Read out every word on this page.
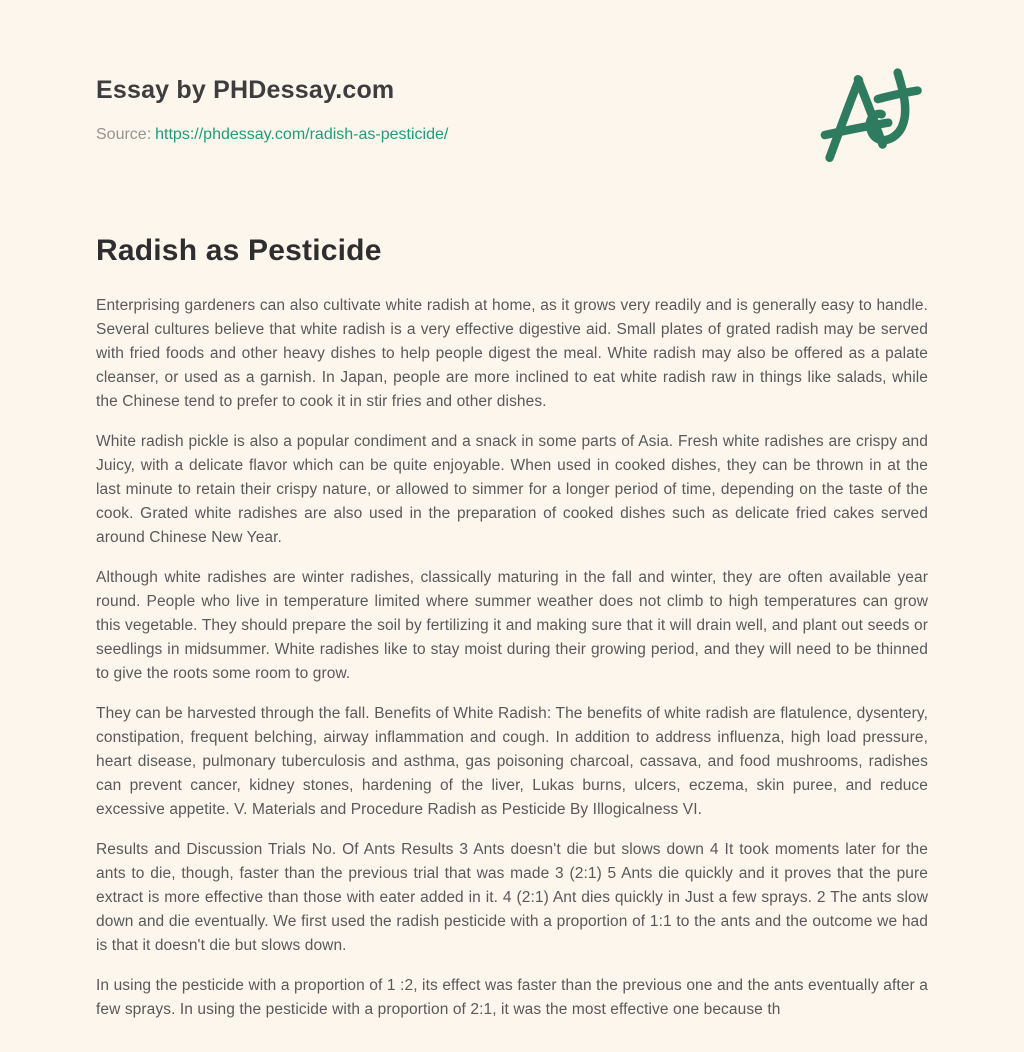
Essay by PHDessay.com
Source: https://phdessay.com/radish-as-pesticide/
Radish as Pesticide

Enterprising gardeners can also cultivate white radish at home, as it grows very readily and is generally easy to handle. Several cultures believe that white radish is a very effective digestive aid. Small plates of grated radish may be served with fried foods and other heavy dishes to help people digest the meal. White radish may also be offered as a palate cleanser, or used as a garnish. In Japan, people are more inclined to eat white radish raw in things like salads, while the Chinese tend to prefer to cook it in stir fries and other dishes.

White radish pickle is also a popular condiment and a snack in some parts of Asia. Fresh white radishes are crispy and Juicy, with a delicate flavor which can be quite enjoyable. When used in cooked dishes, they can be thrown in at the last minute to retain their crispy nature, or allowed to simmer for a longer period of time, depending on the taste of the cook. Grated white radishes are also used in the preparation of cooked dishes such as delicate fried cakes served around Chinese New Year.

Although white radishes are winter radishes, classically maturing in the fall and winter, they are often available year round. People who live in temperature limited where summer weather does not climb to high temperatures can grow this vegetable. They should prepare the soil by fertilizing it and making sure that it will drain well, and plant out seeds or seedlings in midsummer. White radishes like to stay moist during their growing period, and they will need to be thinned to give the roots some room to grow.

They can be harvested through the fall. Benefits of White Radish: The benefits of white radish are flatulence, dysentery, constipation, frequent belching, airway inflammation and cough. In addition to address influenza, high load pressure, heart disease, pulmonary tuberculosis and asthma, gas poisoning charcoal, cassava, and food mushrooms, radishes can prevent cancer, kidney stones, hardening of the liver, Lukas burns, ulcers, eczema, skin puree, and reduce excessive appetite. V. Materials and Procedure Radish as Pesticide By Illogicalness VI.

Results and Discussion Trials No. Of Ants Results 3 Ants doesn't die but slows down 4 It took moments later for the ants to die, though, faster than the previous trial that was made 3 (2:1) 5 Ants die quickly and it proves that the pure extract is more effective than those with eater added in it. 4 (2:1) Ant dies quickly in Just a few sprays. 2 The ants slow down and die eventually. We first used the radish pesticide with a proportion of 1:1 to the ants and the outcome we had is that it doesn't die but slows down.

In using the pesticide with a proportion of 1 :2, its effect was faster than the previous one and the ants eventually after a few sprays. In using the pesticide with a proportion of 2:1, it was the most effective one because th
